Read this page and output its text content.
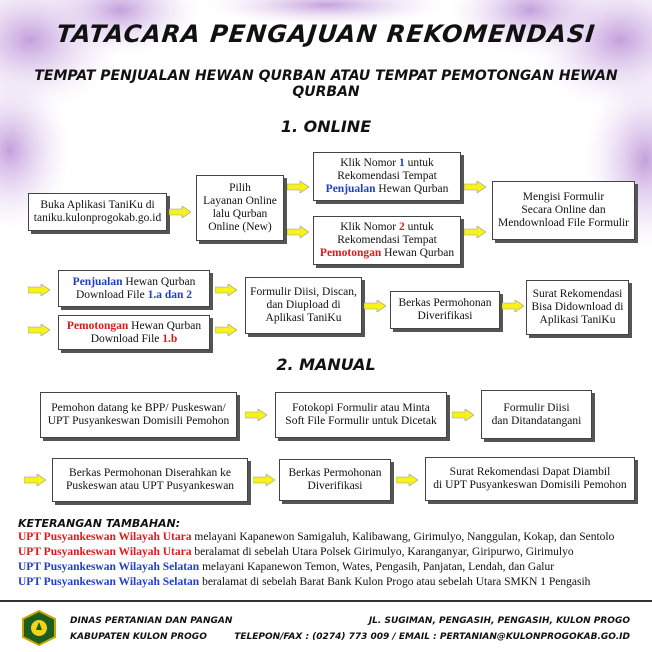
TATACARA PENGAJUAN REKOMENDASI
TEMPAT PENJUALAN HEWAN QURBAN ATAU TEMPAT PEMOTONGAN HEWAN QURBAN
1. ONLINE
Buka Aplikasi TaniKu di
taniku.kulonprogokab.go.id
Pilih
Layanan Online
lalu Qurban
Online (New)
Klik Nomor 1 untuk
Rekomendasi Tempat
Penjualan Hewan Qurban
Klik Nomor 2 untuk
Rekomendasi Tempat
Pemotongan Hewan Qurban
Mengisi Formulir
Secara Online dan
Mendownload File Formulir
Penjualan Hewan Qurban
Download File 1.a dan 2
Pemotongan Hewan Qurban
Download File 1.b
Formulir Diisi, Discan,
dan Diupload di
Aplikasi TaniKu
Berkas Permohonan
Diverifikasi
Surat Rekomendasi
Bisa Didownload di
Aplikasi TaniKu
2. MANUAL
Pemohon datang ke BPP/ Puskeswan/
UPT Pusyankeswan Domisili Pemohon
Fotokopi Formulir atau Minta
Soft File Formulir untuk Dicetak
Formulir Diisi
dan Ditandatangani
Berkas Permohonan Diserahkan ke
Puskeswan atau UPT Pusyankeswan
Berkas Permohonan
Diverifikasi
Surat Rekomendasi Dapat Diambil
di UPT Pusyankeswan Domisili Pemohon
KETERANGAN TAMBAHAN:
UPT Pusyankeswan Wilayah Utara melayani Kapanewon Samigaluh, Kalibawang, Girimulyo, Nanggulan, Kokap, dan Sentolo
UPT Pusyankeswan Wilayah Utara beralamat di sebelah Utara Polsek Girimulyo, Karanganyar, Giripurwo, Girimulyo
UPT Pusyankeswan Wilayah Selatan melayani Kapanewon Temon, Wates, Pengasih, Panjatan, Lendah, dan Galur
UPT Pusyankeswan Wilayah Selatan beralamat di sebelah Barat Bank Kulon Progo atau sebelah Utara SMKN 1 Pengasih
DINAS PERTANIAN DAN PANGAN
KABUPATEN KULON PROGO
JL. SUGIMAN, PENGASIH, PENGASIH, KULON PROGO
TELEPON/FAX : (0274) 773 009 / EMAIL : PERTANIAN@KULONPROGOKAB.GO.ID
